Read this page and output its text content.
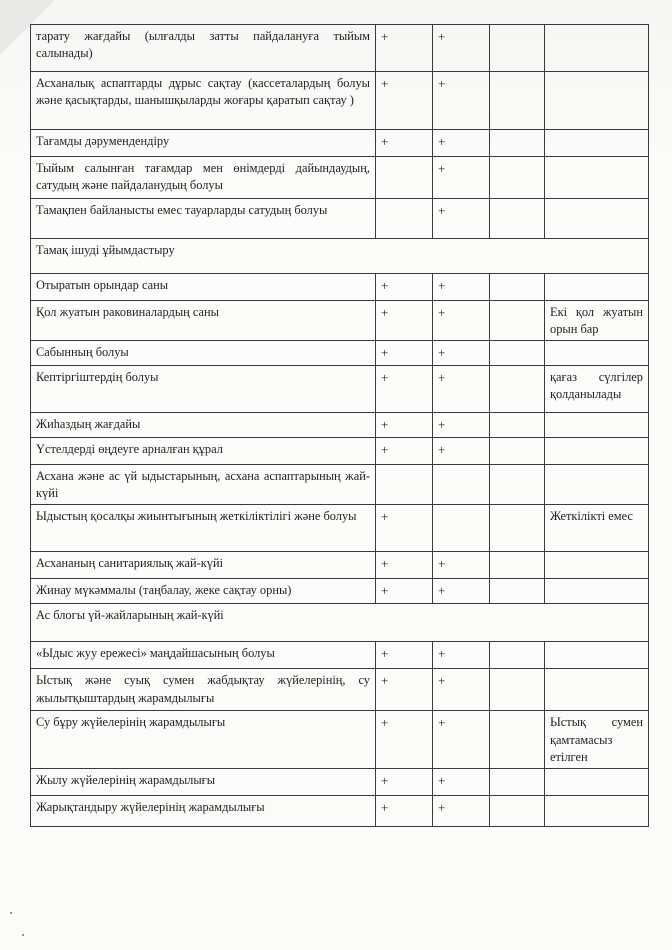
тарату жағдайы (ылғалды затты пайдалануға тыйым салынады)	+	+		
Асханалық аспаптарды дұрыс сақтау (кассеталардың болуы және қасықтарды, шанышқыларды жоғары қаратып сақтау )	+	+		
Тағамды дәрумендендіру	+	+		
Тыйым салынған тағамдар мен өнімдерді дайындаудың, сатудың және пайдаланудың болуы		+		
Тамақпен байланысты емес тауарларды сатудың болуы		+		
Тамақ ішуді ұйымдастыру				
Отыратын орындар саны	+	+		
Қол жуатын раковиналардың саны	+	+		Екі қол жуатын орын бар
Сабынның болуы	+	+		
Кептіргіштердің болуы	+	+		қағаз сүлгілер қолданылады
Жиһаздың жағдайы	+	+		
Үстелдерді өңдеуге арналған құрал	+	+		
Асхана және ас үй ыдыстарының, асхана аспаптарының жай-күйі				
Ыдыстың қосалқы жиынтығының жеткіліктілігі және болуы	+			Жеткілікті емес
Асхананың санитариялық жай-күйі	+	+		
Жинау мүкәммалы (таңбалау, жеке сақтау орны)	+	+		
Ас блогы үй-жайларының жай-күйі				
«Ыдыс жуу ережесі» маңдайшасының болуы	+	+		
Ыстық және суық сумен жабдықтау жүйелерінің, су жылытқыштардың жарамдылығы	+	+		
Су бұру жүйелерінің жарамдылығы	+	+		Ыстық сумен қамтамасыз етілген
Жылу жүйелерінің жарамдылығы	+	+		
Жарықтандыру жүйелерінің жарамдылығы	+	+		
